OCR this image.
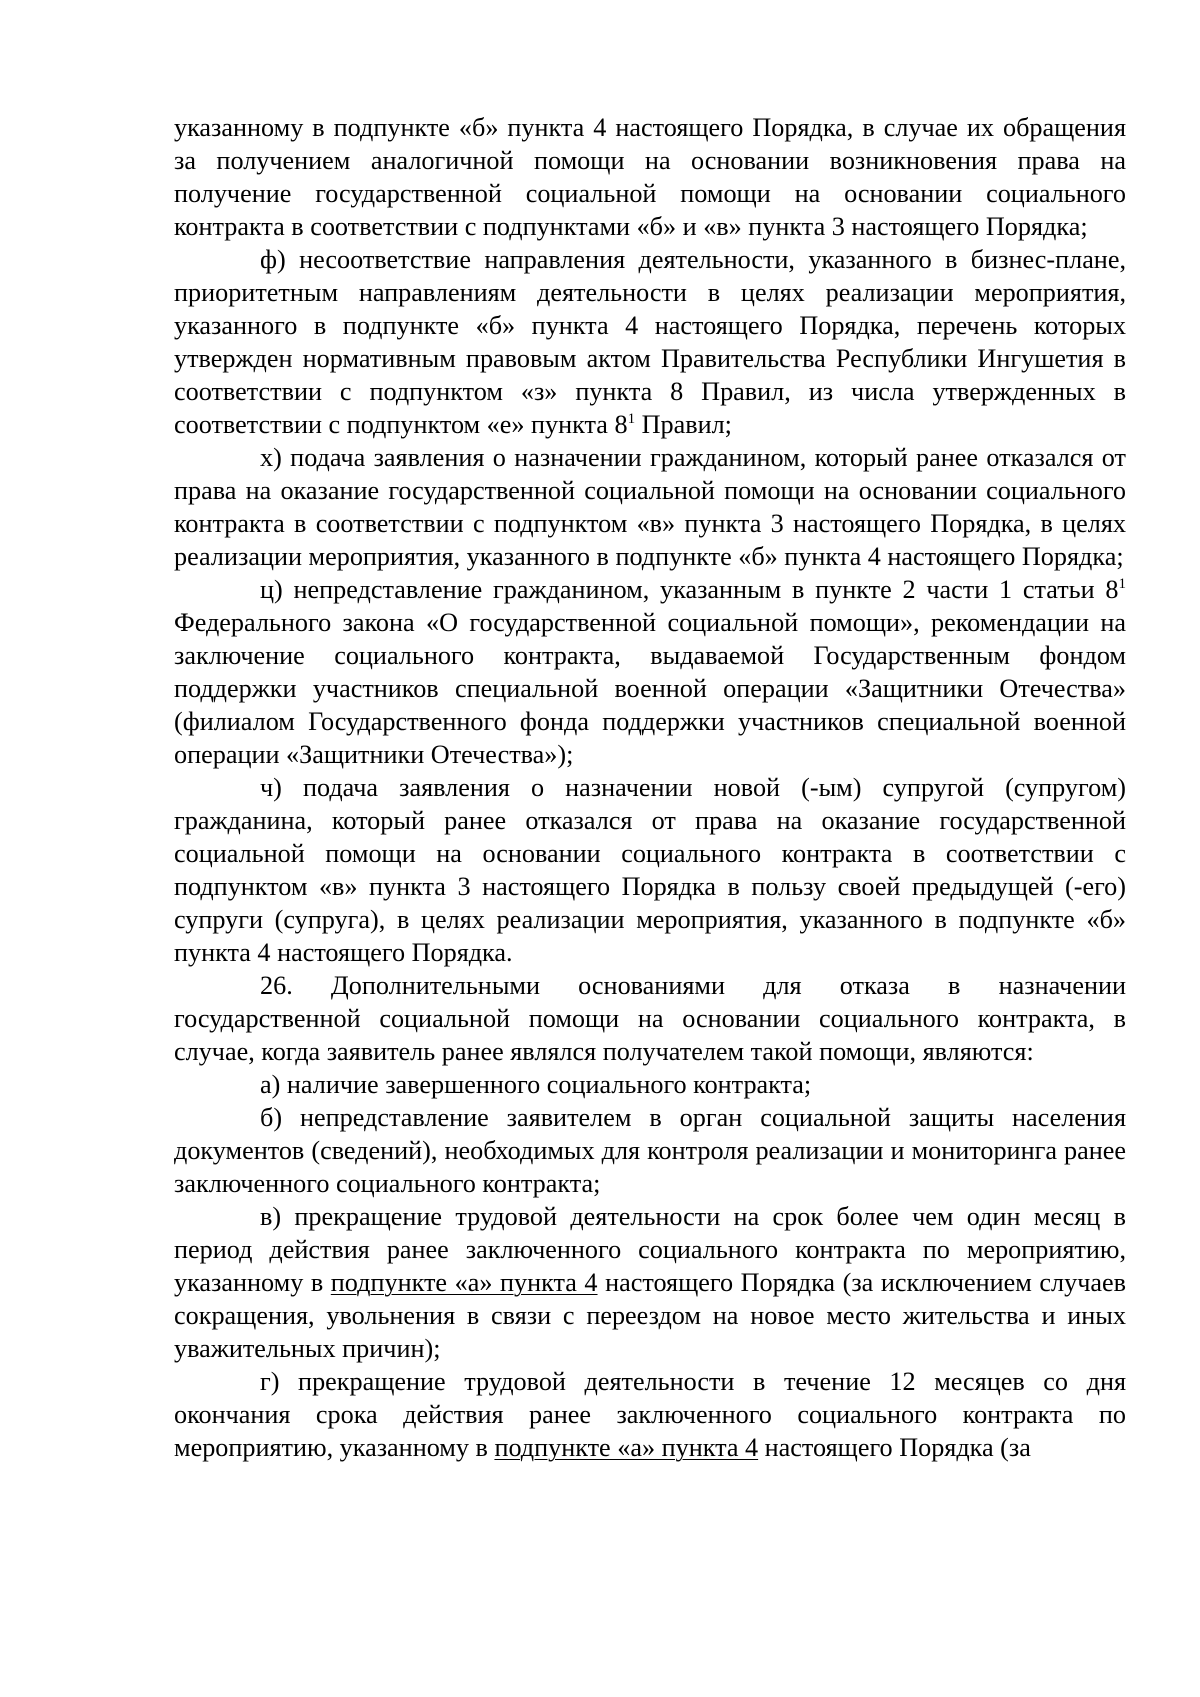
указанному в подпункте «б» пункта 4 настоящего Порядка, в случае их обращения за получением аналогичной помощи на основании возникновения права на получение государственной социальной помощи на основании социального контракта в соответствии с подпунктами «б» и «в» пункта 3 настоящего Порядка;

ф) несоответствие направления деятельности, указанного в бизнес-плане, приоритетным направлениям деятельности в целях реализации мероприятия, указанного в подпункте «б» пункта 4 настоящего Порядка, перечень которых утвержден нормативным правовым актом Правительства Республики Ингушетия в соответствии с подпунктом «з» пункта 8 Правил, из числа утвержденных в соответствии с подпунктом «е» пункта $8^1$ Правил;

х) подача заявления о назначении гражданином, который ранее отказался от права на оказание государственной социальной помощи на основании социального контракта в соответствии с подпунктом «в» пункта 3 настоящего Порядка, в целях реализации мероприятия, указанного в подпункте «б» пункта 4 настоящего Порядка;

ц) непредставление гражданином, указанным в пункте 2 части 1 статьи $8^1$ Федерального закона «О государственной социальной помощи», рекомендации на заключение социального контракта, выдаваемой Государственным фондом поддержки участников специальной военной операции «Защитники Отечества» (филиалом Государственного фонда поддержки участников специальной военной операции «Защитники Отечества»);

ч) подача заявления о назначении новой (-ым) супругой (супругом) гражданина, который ранее отказался от права на оказание государственной социальной помощи на основании социального контракта в соответствии с подпунктом «в» пункта 3 настоящего Порядка в пользу своей предыдущей (-его) супруги (супруга), в целях реализации мероприятия, указанного в подпункте «б» пункта 4 настоящего Порядка.

26. Дополнительными основаниями для отказа в назначении государственной социальной помощи на основании социального контракта, в случае, когда заявитель ранее являлся получателем такой помощи, являются:

а) наличие завершенного социального контракта;

б) непредставление заявителем в орган социальной защиты населения документов (сведений), необходимых для контроля реализации и мониторинга ранее заключенного социального контракта;

в) прекращение трудовой деятельности на срок более чем один месяц в период действия ранее заключенного социального контракта по мероприятию, указанному в подпункте «а» пункта 4 настоящего Порядка (за исключением случаев сокращения, увольнения в связи с переездом на новое место жительства и иных уважительных причин);

г) прекращение трудовой деятельности в течение 12 месяцев со дня окончания срока действия ранее заключенного социального контракта по мероприятию, указанному в подпункте «а» пункта 4 настоящего Порядка (за
